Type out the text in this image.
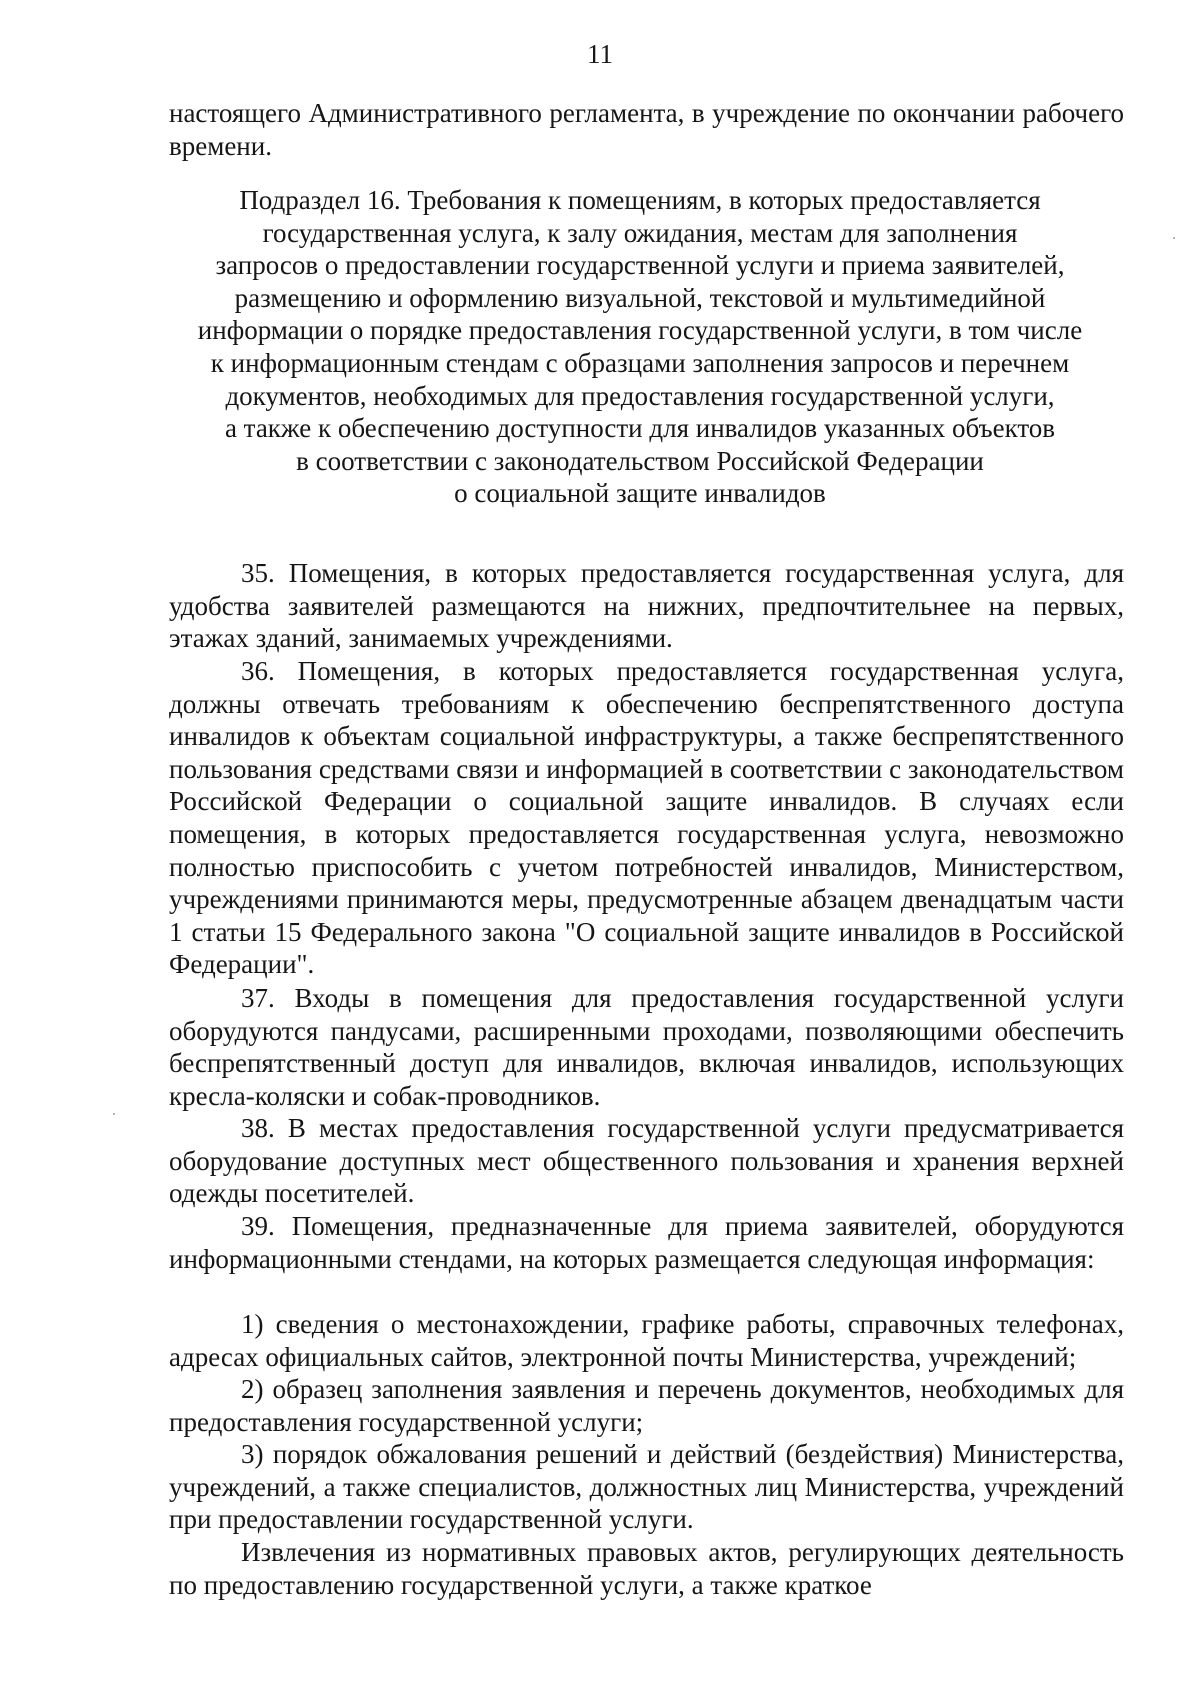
11

настоящего Административного регламента, в учреждение по окончании рабочего времени.

Подраздел 16. Требования к помещениям, в которых предоставляется
государственная услуга, к залу ожидания, местам для заполнения
запросов о предоставлении государственной услуги и приема заявителей,
размещению и оформлению визуальной, текстовой и мультимедийной
информации о порядке предоставления государственной услуги, в том числе
к информационным стендам с образцами заполнения запросов и перечнем
документов, необходимых для предоставления государственной услуги,
а также к обеспечению доступности для инвалидов указанных объектов
в соответствии с законодательством Российской Федерации
о социальной защите инвалидов

35. Помещения, в которых предоставляется государственная услуга, для удобства заявителей размещаются на нижних, предпочтительнее на первых, этажах зданий, занимаемых учреждениями.

36. Помещения, в которых предоставляется государственная услуга, должны отвечать требованиям к обеспечению беспрепятственного доступа инвалидов к объектам социальной инфраструктуры, а также беспрепятственного пользования средствами связи и информацией в соответствии с законодательством Российской Федерации о социальной защите инвалидов. В случаях если помещения, в которых предоставляется государственная услуга, невозможно полностью приспособить с учетом потребностей инвалидов, Министерством, учреждениями принимаются меры, предусмотренные абзацем двенадцатым части 1 статьи 15 Федерального закона "О социальной защите инвалидов в Российской Федерации".

37. Входы в помещения для предоставления государственной услуги оборудуются пандусами, расширенными проходами, позволяющими обеспечить беспрепятственный доступ для инвалидов, включая инвалидов, использующих кресла-коляски и собак-проводников.

38. В местах предоставления государственной услуги предусматривается оборудование доступных мест общественного пользования и хранения верхней одежды посетителей.

39. Помещения, предназначенные для приема заявителей, оборудуются информационными стендами, на которых размещается следующая информация:

1) сведения о местонахождении, графике работы, справочных телефонах, адресах официальных сайтов, электронной почты Министерства, учреждений;

2) образец заполнения заявления и перечень документов, необходимых для предоставления государственной услуги;

3) порядок обжалования решений и действий (бездействия) Министерства, учреждений, а также специалистов, должностных лиц Министерства, учреждений при предоставлении государственной услуги.

Извлечения из нормативных правовых актов, регулирующих деятельность по предоставлению государственной услуги, а также краткое
